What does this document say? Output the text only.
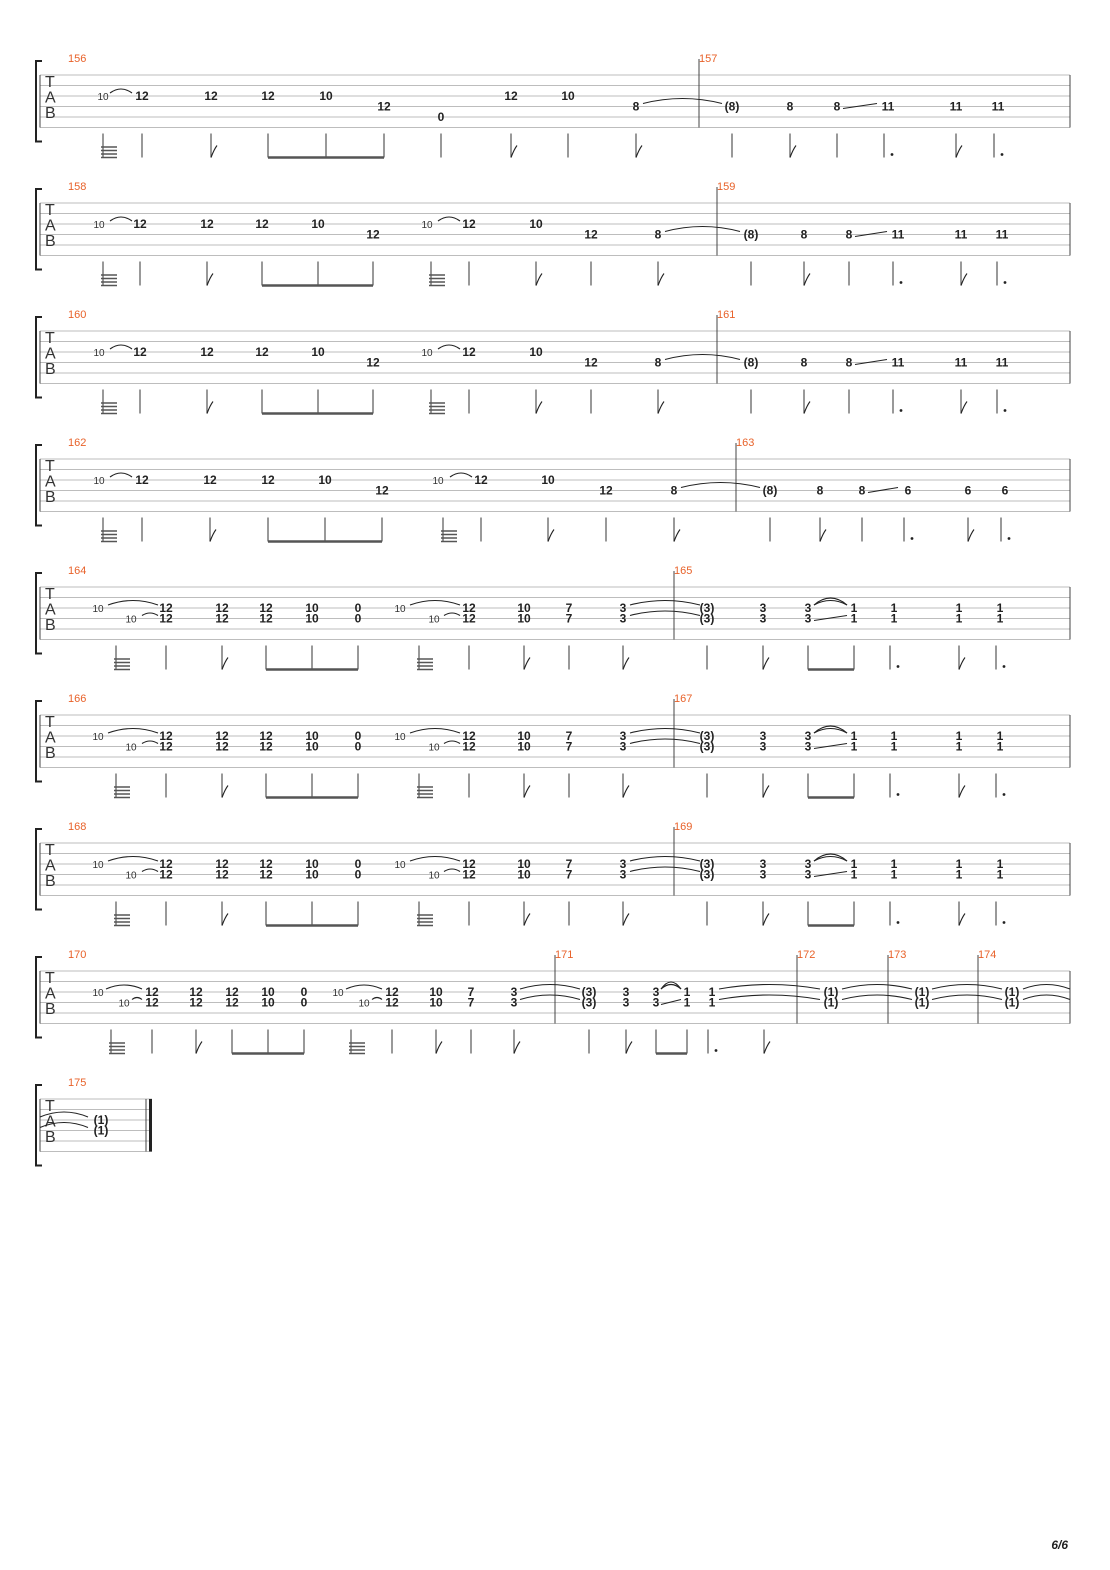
T
A
B
156	157
10 12	12	12	10
12
0
12	10
8	(8)	8	8	11	11 11
T
A
B
158	159
10 12	12	12	10
12
10 12	10
12	8	(8)	8	8	11	11 11
T
A
B
160	161
10 12	12	12	10
12
10 12	10
12	8	(8)	8	8	11	11 11
T
A
B
162	163
10	12	12	12	10
12
10	12	10
12	8	(8)	8	8	6	6	6
T
A
B
164	165
10
10
12
12
12
12
12
12
10
10
0
0
10
10
12
12
10
10
7
7
3
3
(3)
(3)
3
3
3
3
1
1
1
1
1
1
1
1
T
A
B
166	167
10
10
12
12
12
12
12
12
10
10
0
0
10
10
12
12
10
10
7
7
3
3
(3)
(3)
3
3
3
3
1
1
1
1
1
1
1
1
T
A
B
168	169
10
10
12
12
12
12
12
12
10
10
0
0
10
10
12
12
10
10
7
7
3
3
(3)
(3)
3
3
3
3
1
1
1
1
1
1
1
1
T
A
B
170	171	172	173	174
10
10
12
12
12
12
12
12
10
10
0
0
10
10
12
12
10
10
7
7
3
3
(3)
(3)
3
3
3
3
1
1
1
1
(1)
(1)
(1)
(1)
(1)
(1)
T
A
B
175
(1)
(1)
6/6
